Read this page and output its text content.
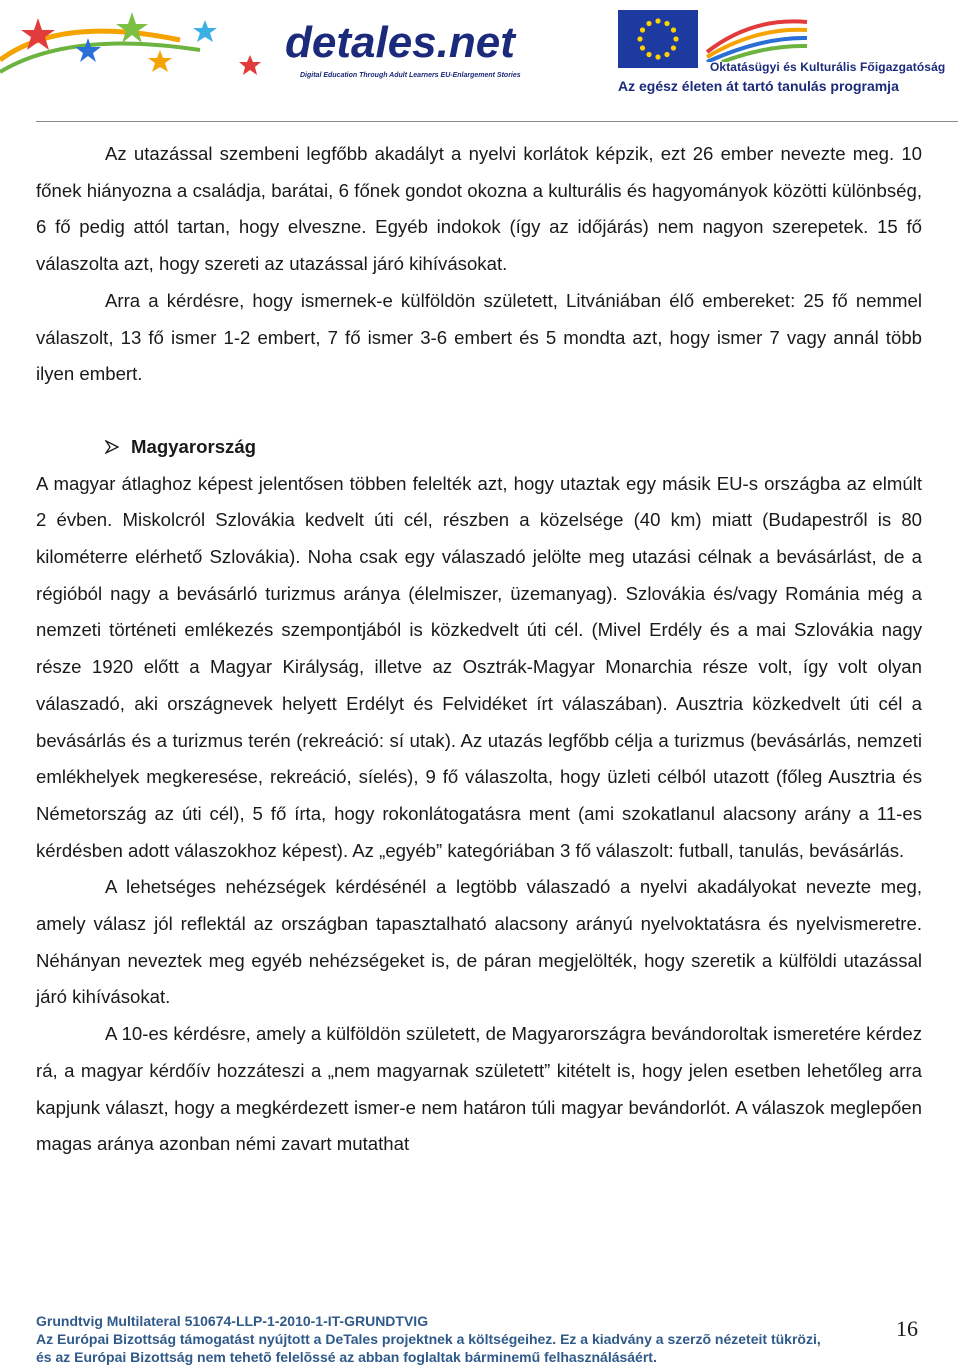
detales.net
Digital Education Through Adult Learners EU-Enlargement Stories
Oktatásügyi és Kulturális Főigazgatóság
Az egész életen át tartó tanulás programja

Az utazással szembeni legfőbb akadályt a nyelvi korlátok képzik, ezt 26 ember nevezte meg. 10 főnek hiányozna a családja, barátai, 6 főnek gondot okozna a kulturális és hagyományok közötti különbség, 6 fő pedig attól tartan, hogy elveszne. Egyéb indokok (így az időjárás) nem nagyon szerepetek. 15 fő válaszolta azt, hogy szereti az utazással járó kihívásokat.

Arra a kérdésre, hogy ismernek-e külföldön született, Litvániában élő embereket: 25 fő nemmel válaszolt, 13 fő ismer 1-2 embert, 7 fő ismer 3-6 embert és 5 mondta azt, hogy ismer 7 vagy annál több ilyen embert.

Magyarország

A magyar átlaghoz képest jelentősen többen felelték azt, hogy utaztak egy másik EU-s országba az elmúlt 2 évben. Miskolcról Szlovákia kedvelt úti cél, részben a közelsége (40 km) miatt (Budapestről is 80 kilométerre elérhető Szlovákia). Noha csak egy válaszadó jelölte meg utazási célnak a bevásárlást, de a régióból nagy a bevásárló turizmus aránya (élelmiszer, üzemanyag). Szlovákia és/vagy Románia még a nemzeti történeti emlékezés szempontjából is közkedvelt úti cél. (Mivel Erdély és a mai Szlovákia nagy része 1920 előtt a Magyar Királyság, illetve az Osztrák-Magyar Monarchia része volt, így volt olyan válaszadó, aki országnevek helyett Erdélyt és Felvidéket írt válaszában). Ausztria közkedvelt úti cél a bevásárlás és a turizmus terén (rekreáció: sí utak). Az utazás legfőbb célja a turizmus (bevásárlás, nemzeti emlékhelyek megkeresése, rekreáció, síelés), 9 fő válaszolta, hogy üzleti célból utazott (főleg Ausztria és Németország az úti cél), 5 fő írta, hogy rokonlátogatásra ment (ami szokatlanul alacsony arány a 11-es kérdésben adott válaszokhoz képest). Az „egyéb” kategóriában 3 fő válaszolt: futball, tanulás, bevásárlás.

A lehetséges nehézségek kérdésénél a legtöbb válaszadó a nyelvi akadályokat nevezte meg, amely válasz jól reflektál az országban tapasztalható alacsony arányú nyelvoktatásra és nyelvismeretre. Néhányan neveztek meg egyéb nehézségeket is, de páran megjelölték, hogy szeretik a külföldi utazással járó kihívásokat.

A 10-es kérdésre, amely a külföldön született, de Magyarországra bevándoroltak ismeretére kérdez rá, a magyar kérdőív hozzáteszi a „nem magyarnak született” kitételt is, hogy jelen esetben lehetőleg arra kapjunk választ, hogy a megkérdezett ismer-e nem határon túli magyar bevándorlót. A válaszok meglepően magas aránya azonban némi zavart mutathat

Grundtvig Multilateral 510674-LLP-1-2010-1-IT-GRUNDTVIG
Az Európai Bizottság támogatást nyújtott a DeTales projektnek a költségeihez. Ez a kiadvány a szerzõ nézeteit tükrözi,
és az Európai Bizottság nem tehetõ felelõssé az abban foglaltak bárminemű felhasználásáért.
16
